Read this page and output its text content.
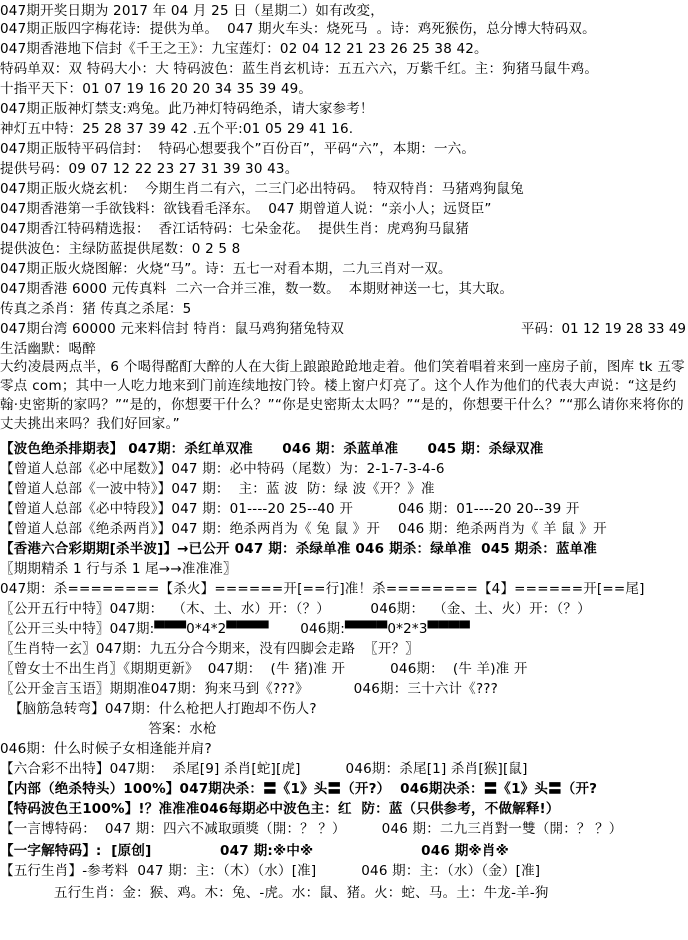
047期开奖日期为 2017 年 04 月 25 日（星期二）如有改変，
047期正版四字梅花诗:  提供为单。  047 期火车头：烧死马  。诗：鸡死猴伤，总分博大特码双。
047期香港地下信封《千王之王》：九宝莲灯：02 04 12 21 23 26 25 38 42。
特码单双：双 特码大小：大 特码波色：蓝生肖玄机诗：五五六六，万紫千红。主：狗猪马鼠牛鸡。
十指平天下：01 07 19 16 20 20 34 35 39 49。
047期正版神灯禁支:鸡兔。此乃神灯特码绝杀，请大家参考！
神灯五中特：25 28 37 39 42 .五个平:01 05 29 41 16.
047期正版特平码信封：  特码心想要我个”百份百”，平码“六”，本期：一六。
提供号码：09 07 12 22 23 27 31 39 30 43。
047期正版火烧玄机：  今期生肖二有六，二三门必出特码。  特双特肖：马猪鸡狗鼠兔
047期香港第一手欲钱料：欲钱看毛泽东。  047 期曾道人说：“亲小人；远贤臣”
047期香江特码精选报：  香江话特码：七朵金花。  提供生肖：虎鸡狗马鼠猪
提供波色：主绿防蓝提供尾数：0 2 5 8
047期正版火烧图解：火烧“马”。诗：五七一对看本期，二九三肖对一双。
047期香港 6000 元传真料  二六一合并三准，数一数。  本期财神送一七，其大取。
传真之杀肖：猪 传真之杀尾：5
047期台湾 60000 元来料信封 特肖：鼠马鸡狗猪兔特双	平码：01 12 19 28 33 49
生活幽默：喝醉
大约凌晨两点半，6 个喝得酩酊大醉的人在大街上踉踉跄跄地走着。他们笑着唱着来到一座房子前，图库 tk 五零零点 com；其中一人吃力地来到门前连续地按门铃。楼上窗户灯亮了。这个人作为他们的代表大声说：“这是约翰·史密斯的家吗？”“是的，你想要干什么？”“你是史密斯太太吗？”“是的，你想要干什么？”“那么请你来将你的丈夫挑出来吗？我们好回家。”
【波色绝杀排期表】 047期：杀红单双准      046 期：杀蓝单准      045 期：杀绿双准
【曾道人总部《必中尾数》】047 期：必中特码（尾数）为：2-1-7-3-4-6
【曾道人总部《一波中特》】047 期：  主：蓝 波  防：绿 波《开？》准
【曾道人总部《必中特段》】047 期：01----20 25--40 开          046 期：01----20 20--39 开
【曾道人总部《绝杀两肖》】047 期：绝杀两肖为《 兔 鼠 》开    046 期：绝杀两肖为《 羊 鼠 》开
【香港六合彩期期[杀半波]】→已公开 047 期：杀绿单准 046 期杀：绿单准  045 期杀：蓝单准
〖期期精杀 1 行与杀 1 尾→→准准准〗
047期：杀========【杀火】======开[==行]准！杀========【4】======开[==尾]
〖公开五行中特〗047期：  （木、土、水）开：（？）         046期：  （金、土、火）开：（？）
〖公开三头中特〗047期:▀▀▀0*4*2▀▀▀▀       046期:▀▀▀▀0*2*3▀▀▀▀
〖生肖特一玄〗047期：九五分合今期来，没有四脚会走路  〖开？〗
〖曾女士不出生肖〗《期期更新》  047期：  (牛 猪)准 开          046期：  (牛 羊)准 开
〖公开金言玉语〗期期准047期：狗来马到《???》          046期：三十六计《???
【脑筋急转弯】047期：什么枪把人打跑却不伤人?
答案：水枪
046期：什么时候子女相逢能并肩?
【六合彩不出特】047期：  杀尾[9] 杀肖[蛇][虎]          046期：杀尾[1] 杀肖[猴][鼠]
【内部（绝杀特头）100%】047期决杀：〓《1》头〓（开?）  046期决杀：〓《1》头〓（开?
【特码波色王100%】!？准准准046每期必中波色主：红  防：蓝（只供参考，不做解释!）
【一言博特码：  047 期：四六不减取頭獎（開：？ ？）        046 期：二九三肖對一雙（開：？ ？）
【一字解特码】:  [原创]              047 期:※中※                      046 期※肖※
【五行生肖】-参考料  047 期：主：（木）（水）[准]          046 期：主：（水）（金）[准]
五行生肖：金：猴、鸡。木：兔、-虎。水：鼠、猪。火：蛇、马。土：牛龙-羊-狗
